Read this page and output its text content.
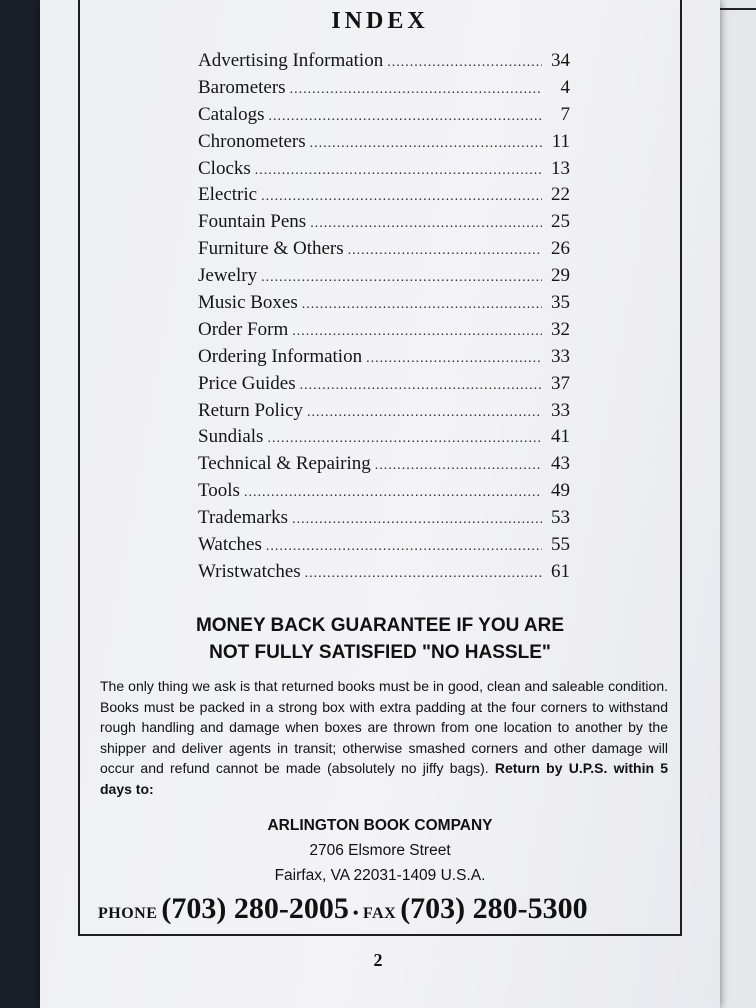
INDEX
Advertising Information .....	34
Barometers .....	4
Catalogs .....	7
Chronometers .....	11
Clocks .....	13
Electric .....	22
Fountain Pens .....	25
Furniture & Others .....	26
Jewelry .....	29
Music Boxes .....	35
Order Form .....	32
Ordering Information .....	33
Price Guides .....	37
Return Policy .....	33
Sundials .....	41
Technical & Repairing .....	43
Tools .....	49
Trademarks .....	53
Watches .....	55
Wristwatches .....	61
MONEY BACK GUARANTEE IF YOU ARE
NOT FULLY SATISFIED "NO HASSLE"
The only thing we ask is that returned books must be in good, clean and saleable condition. Books must be packed in a strong box with extra padding at the four corners to withstand rough handling and damage when boxes are thrown from one location to another by the shipper and deliver agents in transit; otherwise smashed corners and other damage will occur and refund cannot be made (absolutely no jiffy bags). Return by U.P.S. within 5 days to:
ARLINGTON BOOK COMPANY
2706 Elsmore Street
Fairfax, VA 22031-1409 U.S.A.
PHONE (703) 280-2005 • FAX (703) 280-5300
2
